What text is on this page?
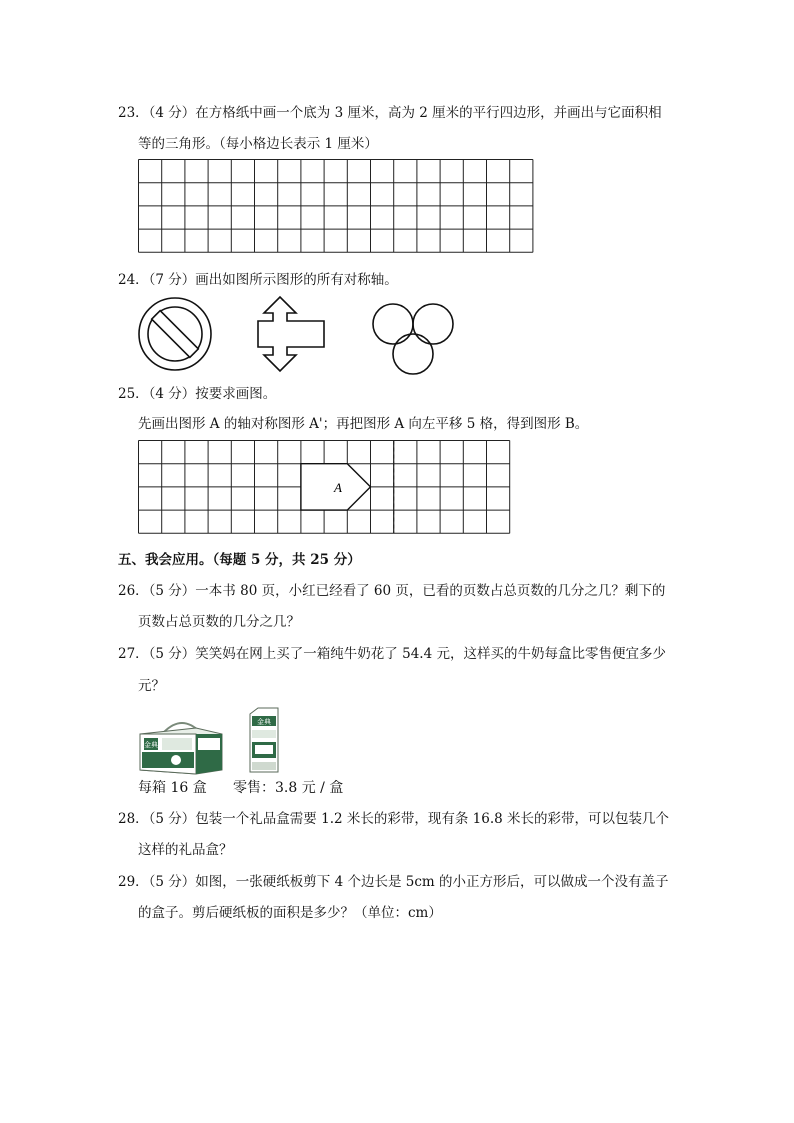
23．（4 分）在方格纸中画一个底为 3 厘米，高为 2 厘米的平行四边形，并画出与它面积相
等的三角形。（每小格边长表示 1 厘米）
24．（7 分）画出如图所示图形的所有对称轴。
25．（4 分）按要求画图。
先画出图形 A 的轴对称图形 A'；再把图形 A 向左平移 5 格，得到图形 B。
A
五、我会应用。（每题 5 分，共 25 分）
26．（5 分）一本书 80 页，小红已经看了 60 页，已看的页数占总页数的几分之几？剩下的
页数占总页数的几分之几？
27．（5 分）笑笑妈在网上买了一箱纯牛奶花了 54.4 元，这样买的牛奶每盒比零售便宜多少
元？
金典
金典
每箱 16 盒 零售：3.8 元 / 盒
28．（5 分）包装一个礼品盒需要 1.2 米长的彩带，现有条 16.8 米长的彩带，可以包装几个
这样的礼品盒？
29．（5 分）如图，一张硬纸板剪下 4 个边长是 5cm 的小正方形后，可以做成一个没有盖子
的盒子。剪后硬纸板的面积是多少？（单位：cm）
